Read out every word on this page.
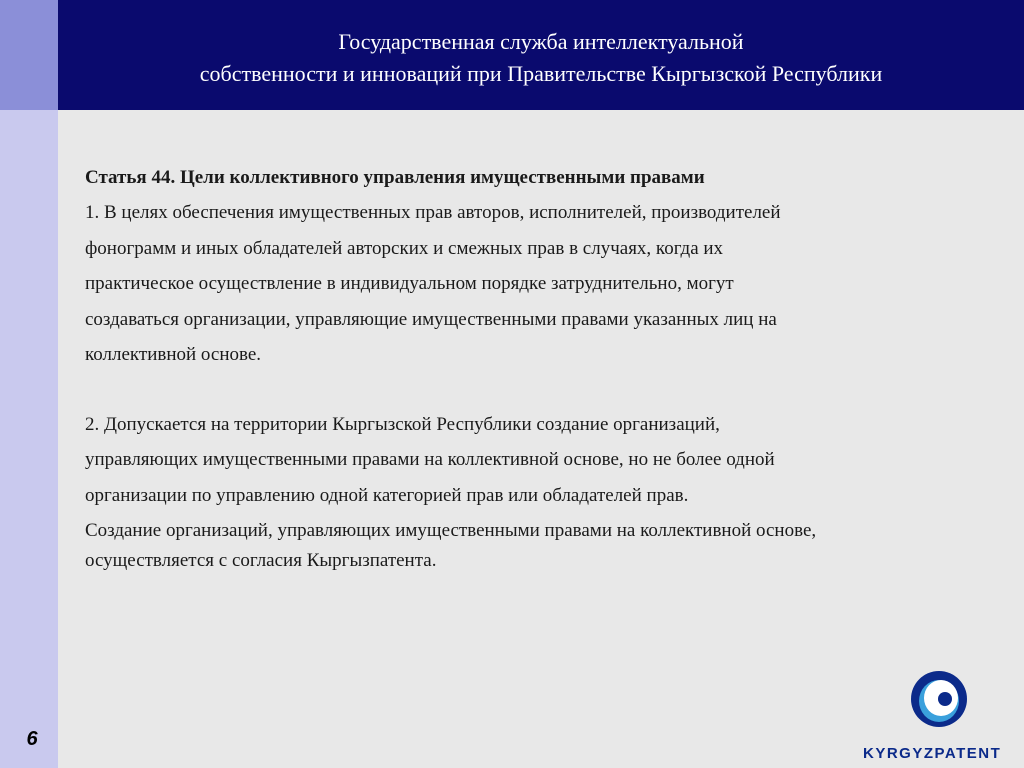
Государственная служба интеллектуальной
собственности и инноваций при Правительстве Кыргызской Республики
Статья 44. Цели коллективного управления имущественными правами
1. В целях обеспечения имущественных прав авторов, исполнителей, производителей
фонограмм и иных обладателей авторских и смежных прав в случаях, когда их
практическое осуществление в индивидуальном порядке затруднительно, могут
создаваться организации, управляющие имущественными правами указанных лиц на
коллективной основе.
2. Допускается на территории Кыргызской Республики создание организаций,
управляющих имущественными правами на коллективной основе, но не более одной
организации по управлению одной категорией прав или обладателей прав.
Создание организаций, управляющих имущественными правами на коллективной основе,
осуществляется с согласия Кыргызпатента.
6
KYRGYZPATENT
